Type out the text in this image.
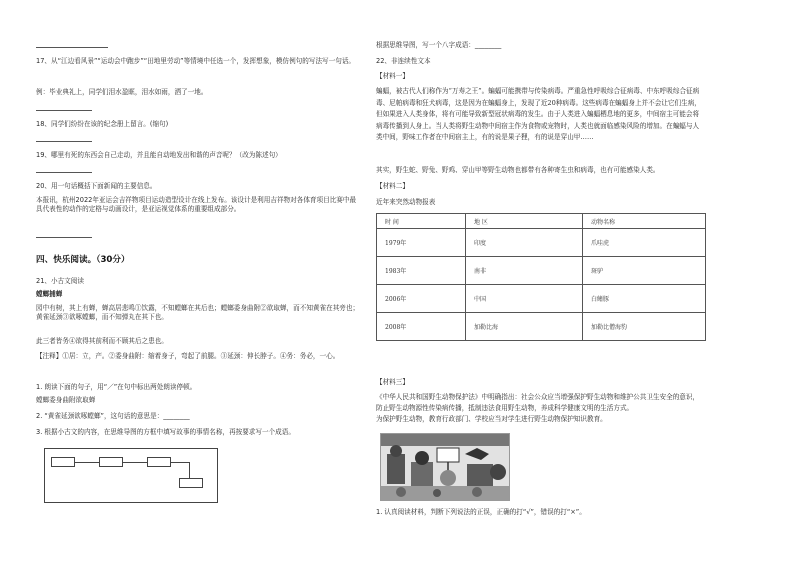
17、从“江边看风景”“运动会中跑步”“田地里劳动”等情境中任选一个，发挥想象，模仿例句的写法写一句话。
例：毕业典礼上，同学们泪水盈眶，泪水如雨，洒了一地。
18、同学们纷纷在该的纪念册上留言。(缩句)
19、哪里有死的东西会自己走动，并且能自动地发出和谐的声音呢？（改为陈述句）
20、用一句话概括下面新闻的主要信息。
本报讯，杭州2022年亚运会吉祥物项目运动造型设计在线上发布。该设计是利用吉祥物对各体育项目比赛中最具代表性的动作的定格与动画设计，是亚运视觉体系的重要组成部分。
四、快乐阅读。（30分）
21、小古文阅读
螳螂捕蝉
园中有树，其上有蝉，蝉高居悲鸣①饮露，不知螳螂在其后也；螳螂委身曲附②欲取蝉，而不知黄雀在其旁也；黄雀延颈③欲啄螳螂，而不知弹丸在其下也。
此三者皆务④欲得其前利而不顾其后之患也。
【注释】①居：立，产。②委身曲附：缩着身子，弯起了前腿。③延颈：伸长脖子。④务：务必，一心。
1. 朗读下面的句子，用“／”在句中标出两处朗读停顿。
螳螂委身曲附欲取蝉
2. “黄雀延颈欲啄螳螂”，这句话的意思是：________
3. 根据小古文的内容，在思维导图的方框中填写故事的事情名称，再按要求写一个成语。
根据思维导图，写一个八字成语：________
22、非连续性文本
【材料一】
蝙蝠，被古代人们称作为“万寿之王”。蝙蝠可能携带与传染病毒。严重急性呼吸综合征病毒、中东呼吸综合征病毒、尼帕病毒和狂犬病毒，这是因为在蝙蝠身上，发现了近20种病毒。这些病毒在蝙蝠身上并不会让它们生病，但如果进入人类身体，将有可能导致新型冠状病毒的发生。由于人类进入蝙蝠栖息地的更多，中间宿主可能会将病毒传播到人身上。当人类将野生动物中间宿主作为食物或宠物时，人类也就面临感染风险的增加。在蝙蝠与人类中间，野味工作者在中间宿主上，有的说是果子狸，有的说是穿山甲……
其实，野生蛇、野兔、野鸡、穿山甲等野生动物也都带有各种寄生虫和病毒，也有可能感染人类。
【材料二】
近年来突然动物报表
时 间	地 区	动物名称
1979年	印度	爪哇虎
1983年	南非	斑驴
2006年	中国	白鳍豚
2008年	加勒比海	加勒比僧海豹
【材料三】
《中华人民共和国野生动物保护法》中明确指出：社会公众应当增强保护野生动物和维护公共卫生安全的意识，防止野生动物源性传染病传播，抵制违法食用野生动物，养成科学健康文明的生活方式。
为保护野生动物，教育行政部门、学校应当对学生进行野生动物保护知识教育。
1. 认真阅读材料，判断下列说法的正误，正确的打“√”，错误的打“×”。
